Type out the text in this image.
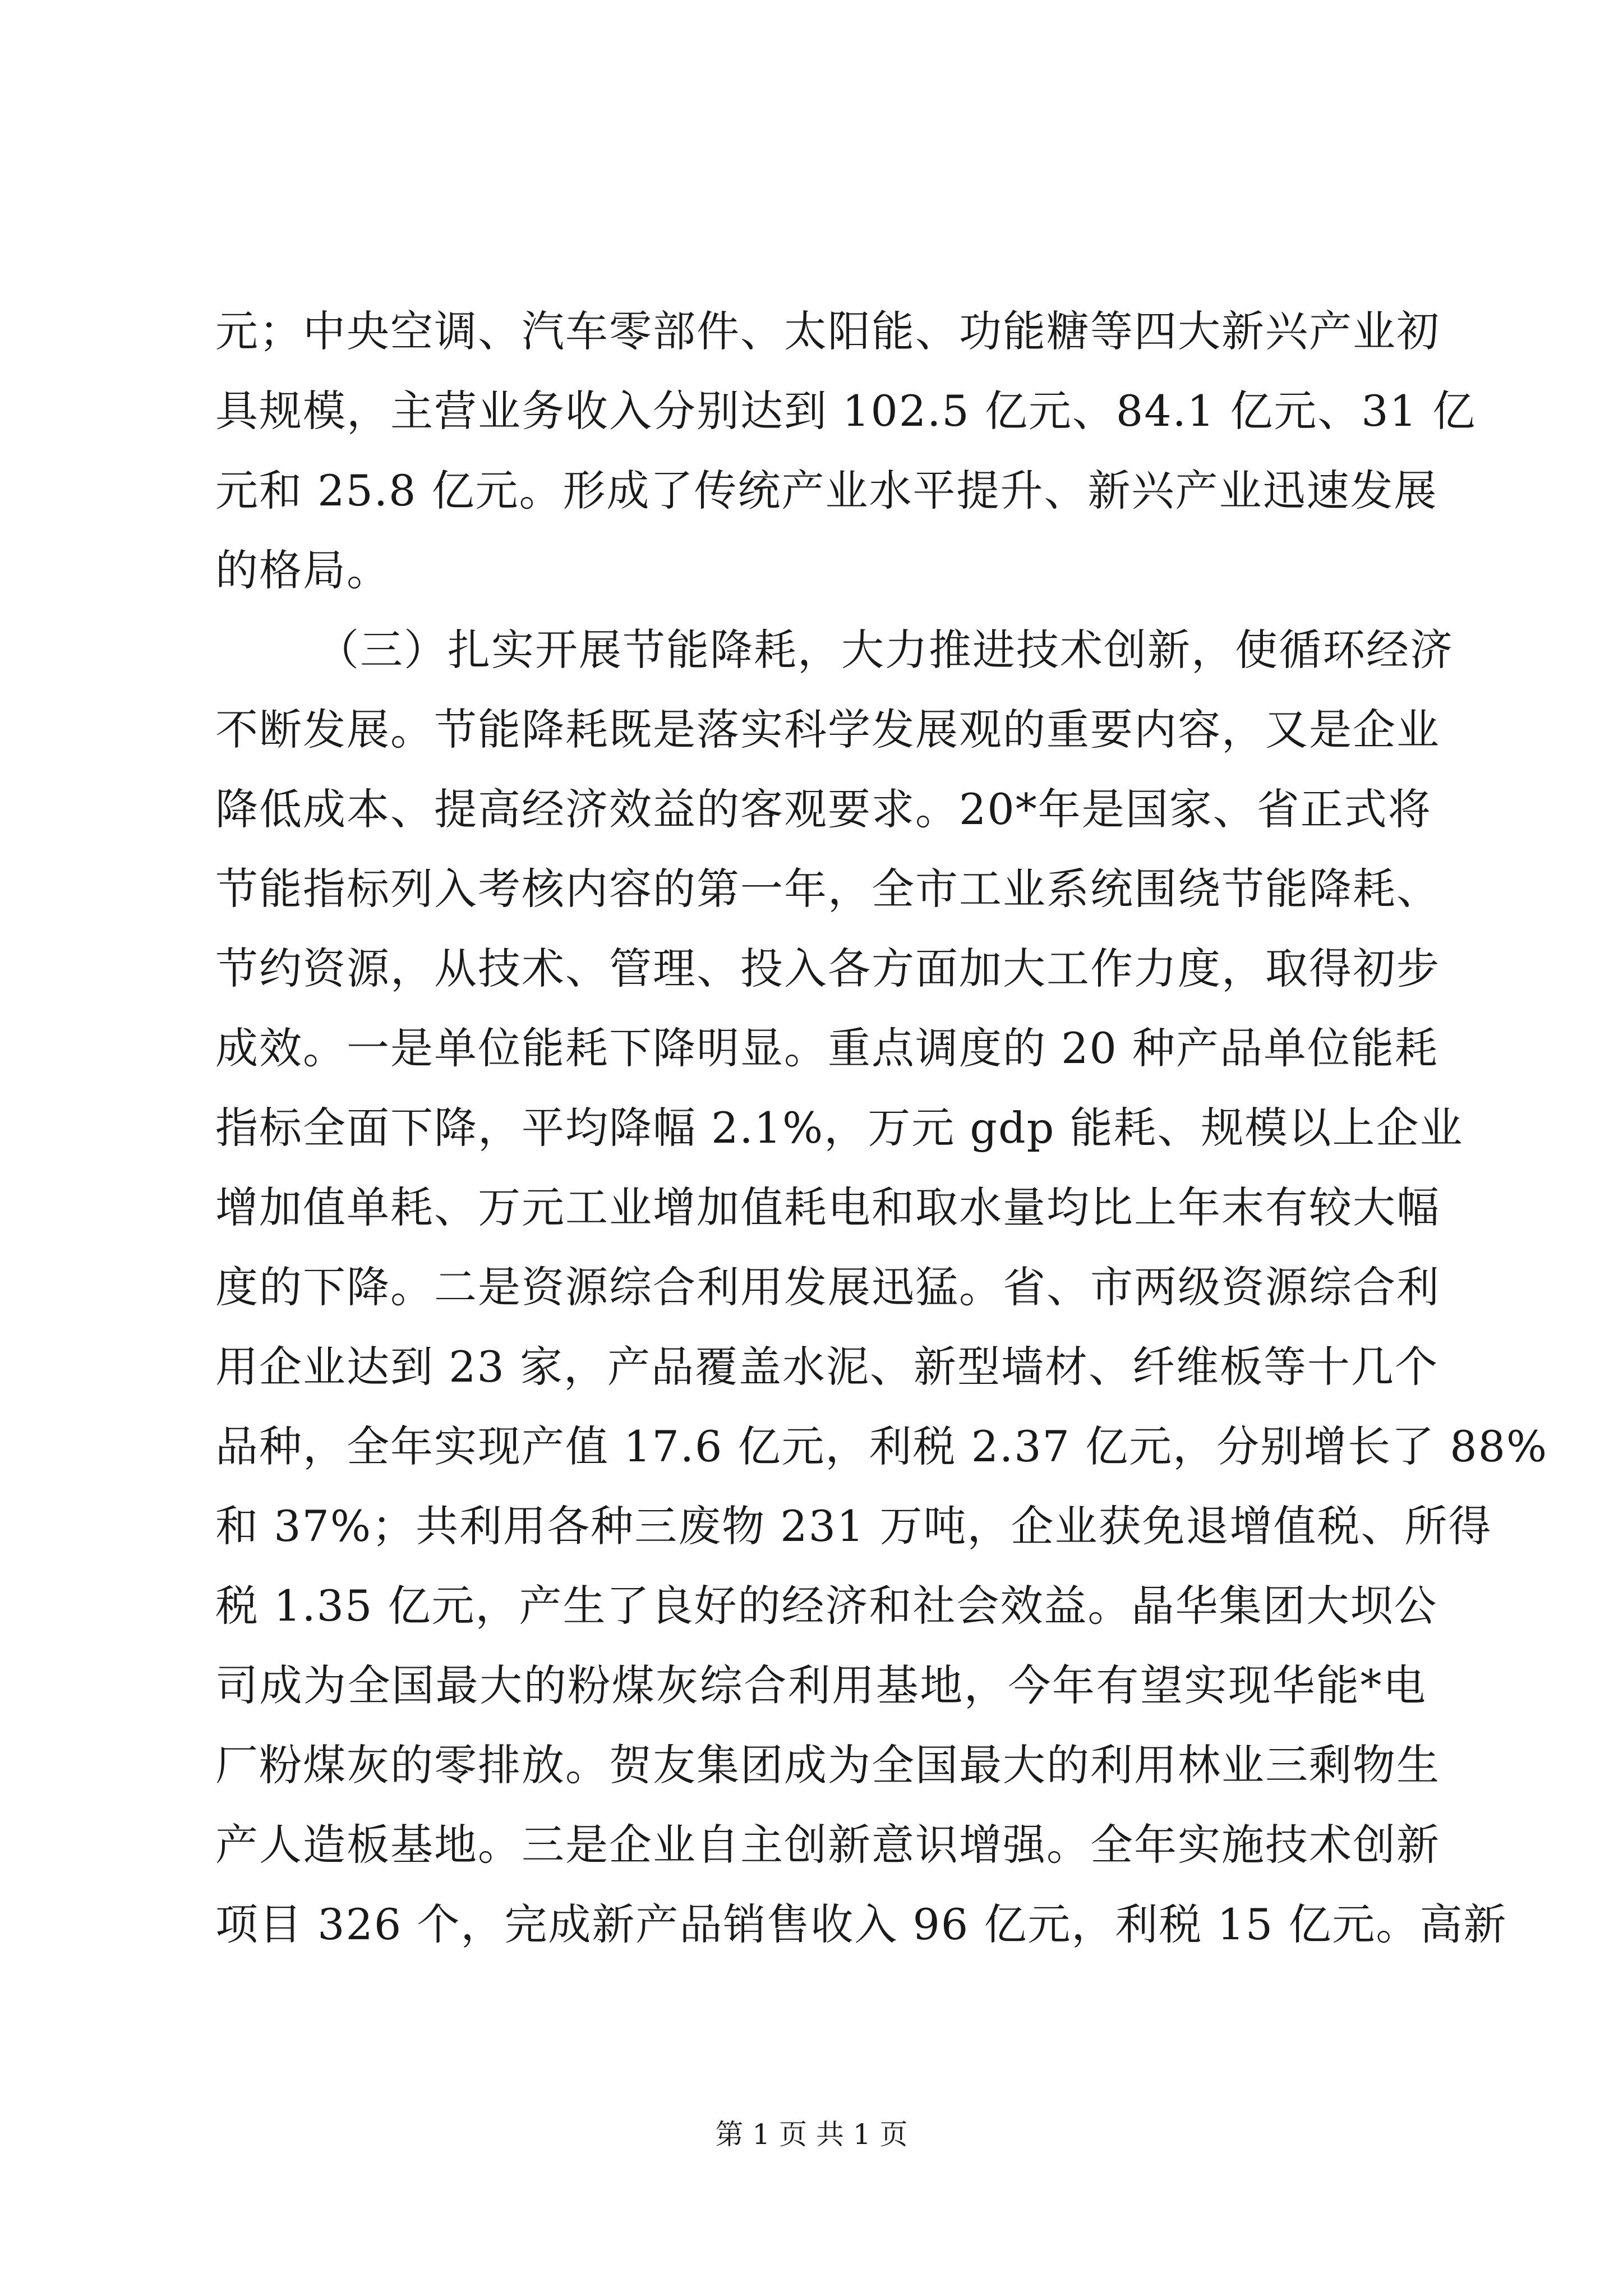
元；中央空调、汽车零部件、太阳能、功能糖等四大新兴产业初
具规模，主营业务收入分别达到 102.5 亿元、84.1 亿元、31 亿
元和 25.8 亿元。形成了传统产业水平提升、新兴产业迅速发展
的格局。
（三）扎实开展节能降耗，大力推进技术创新，使循环经济
不断发展。节能降耗既是落实科学发展观的重要内容，又是企业
降低成本、提高经济效益的客观要求。20*年是国家、省正式将
节能指标列入考核内容的第一年，全市工业系统围绕节能降耗、
节约资源，从技术、管理、投入各方面加大工作力度，取得初步
成效。一是单位能耗下降明显。重点调度的 20 种产品单位能耗
指标全面下降，平均降幅 2.1%，万元 gdp 能耗、规模以上企业
增加值单耗、万元工业增加值耗电和取水量均比上年末有较大幅
度的下降。二是资源综合利用发展迅猛。省、市两级资源综合利
用企业达到 23 家，产品覆盖水泥、新型墙材、纤维板等十几个
品种，全年实现产值 17.6 亿元，利税 2.37 亿元，分别增长了 88%
和 37%；共利用各种三废物 231 万吨，企业获免退增值税、所得
税 1.35 亿元，产生了良好的经济和社会效益。晶华集团大坝公
司成为全国最大的粉煤灰综合利用基地，今年有望实现华能*电
厂粉煤灰的零排放。贺友集团成为全国最大的利用林业三剩物生
产人造板基地。三是企业自主创新意识增强。全年实施技术创新
项目 326 个，完成新产品销售收入 96 亿元，利税 15 亿元。高新
第 1 页 共 1 页
